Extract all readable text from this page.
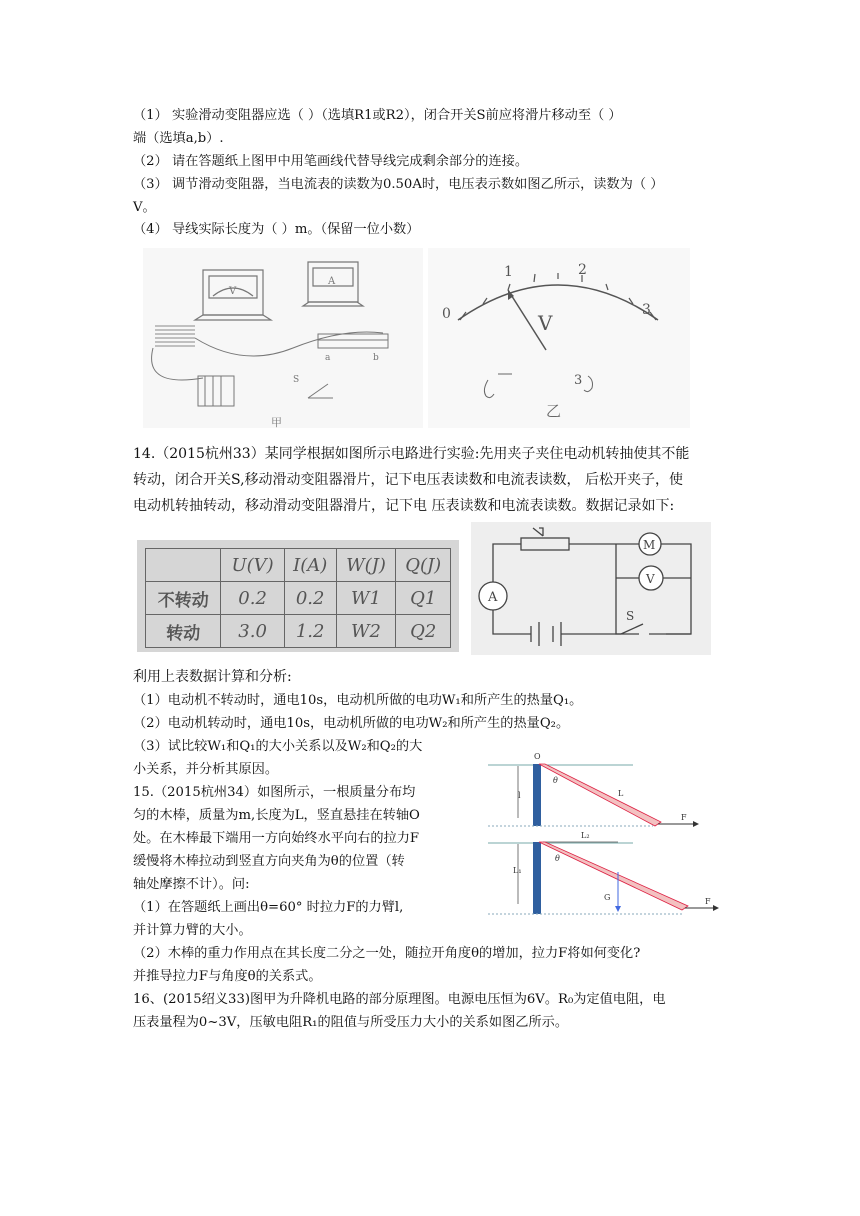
（1） 实验滑动变阻器应选（ ）（选填R1或R2），闭合开关S前应将滑片移动至（ ）
端（选填a,b）.
（2） 请在答题纸上图甲中用笔画线代替导线完成剩余部分的连接。
（3） 调节滑动变阻器，当电流表的读数为0.50A时，电压表示数如图乙所示，读数为（ ）
V。
（4） 导线实际长度为（ ）m。（保留一位小数）
V
A
a	b
S
甲
0
1	2
3
V
3
乙
14.（2015杭州33）某同学根据如图所示电路进行实验:先用夹子夹住电动机转抽使其不能
转动，闭合开关S,移动滑动变阻器滑片，记下电压表读数和电流表读数， 后松开夹子，使
电动机转抽转动，移动滑动变阻器滑片，记下电 压表读数和电流表读数。数据记录如下:
	U(V)	I(A)	W(J)	Q(J)
不转动	0.2	0.2	W1	Q1
转动	3.0	1.2	W2	Q2
A
M
V
S
利用上表数据计算和分析:
（1）电动机不转动时，通电10s，电动机所做的电功W₁和所产生的热量Q₁。
（2）电动机转动时，通电10s，电动机所做的电功W₂和所产生的热量Q₂。
（3）试比较W₁和Q₁的大小关系以及W₂和Q₂的大
小关系，并分析其原因。
15.（2015杭州34）如图所示，一根质量分布均
匀的木棒，质量为m,长度为L，竖直悬挂在转轴O
处。在木棒最下端用一方向始终水平向右的拉力F
缓慢将木棒拉动到竖直方向夹角为θ的位置（转
轴处摩擦不计）。问:
（1）在答题纸上画出θ=60° 时拉力F的力臂l,
并计算力臂的大小。
（2）木棒的重力作用点在其长度二分之一处，随拉开角度θ的增加，拉力F将如何变化?
并推导拉力F与角度θ的关系式。
O
l
θ
L
F
L₂
L₁
θ
G	F
16、(2015绍义33)图甲为升降机电路的部分原理图。电源电压恒为6V。R₀为定值电阻，电
压表量程为0~3V，压敏电阻R₁的阻值与所受压力大小的关系如图乙所示。
